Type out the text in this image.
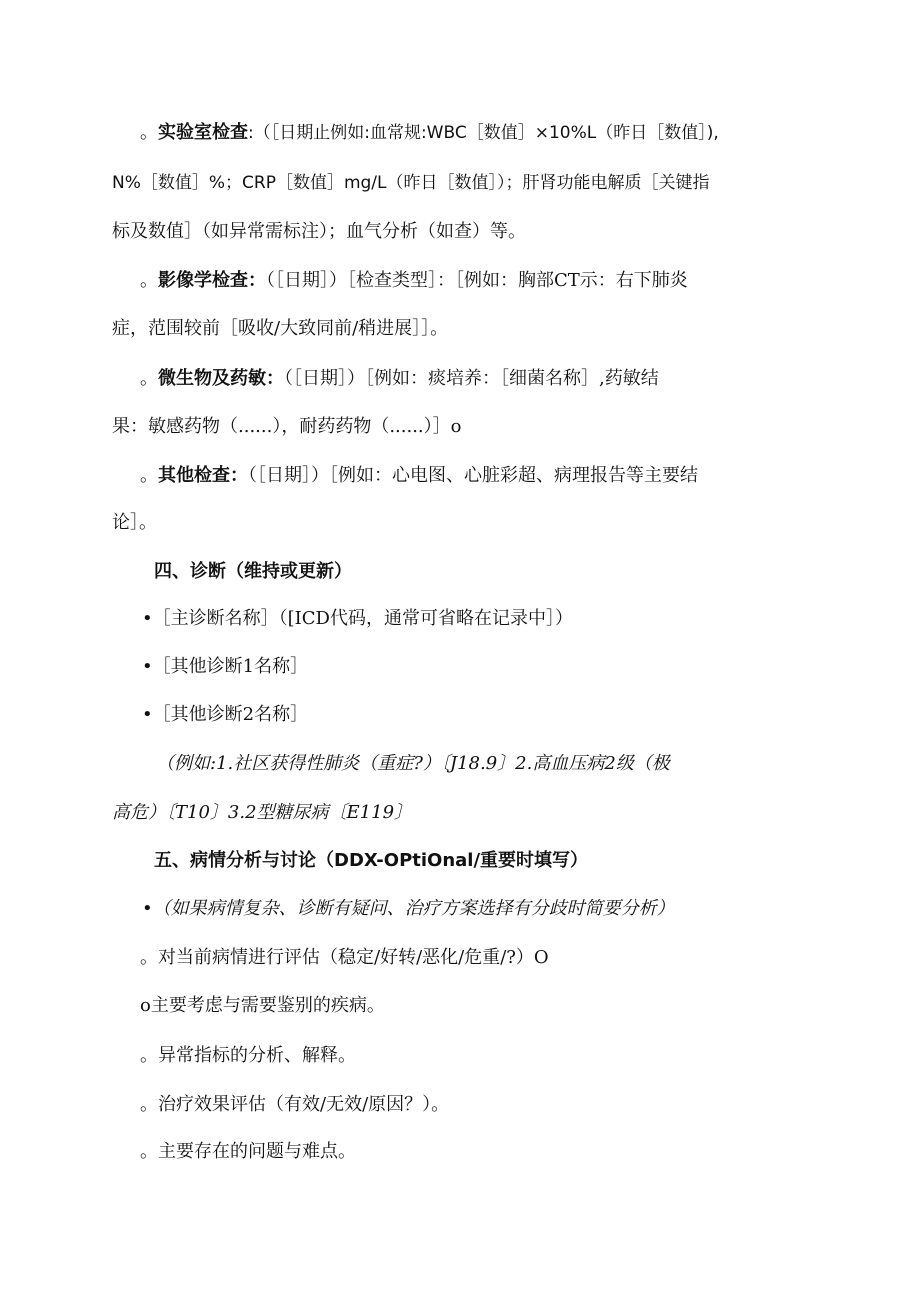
。实验室检查:（［日期止例如:血常规:WBC［数值］×10%L（昨日［数值］),
N%［数值］%；CRP［数值］mg/L（昨日［数值］）；肝肾功能电解质［关键指
标及数值］（如异常需标注）；血气分析（如查）等。
。影像学检查：（［日期］）［检查类型］：［例如：胸部CT示：右下肺炎
症，范围较前［吸收/大致同前/稍进展］］。
。微生物及药敏：（［日期］）［例如：痰培养：［细菌名称］,药敏结
果：敏感药物（......），耐药药物（......）］o
。其他检查：（［日期］）［例如：心电图、心脏彩超、病理报告等主要结
论］。
四、诊断（维持或更新）
•［主诊断名称］（[ICD代码，通常可省略在记录中］）
•［其他诊断1名称］
•［其他诊断2名称］
（例如:1.社区获得性肺炎（重症?）〔J18.9〕2.高血压病2级（极
高危）〔T10〕3.2型糖尿病〔E119〕
五、病情分析与讨论（DDX-OPtiOnal/重要时填写）
•（如果病情复杂、诊断有疑问、治疗方案选择有分歧时简要分析）
。对当前病情进行评估（稳定/好转/恶化/危重/?）O
o主要考虑与需要鉴别的疾病。
。异常指标的分析、解释。
。治疗效果评估（有效/无效/原因？）。
。主要存在的问题与难点。
